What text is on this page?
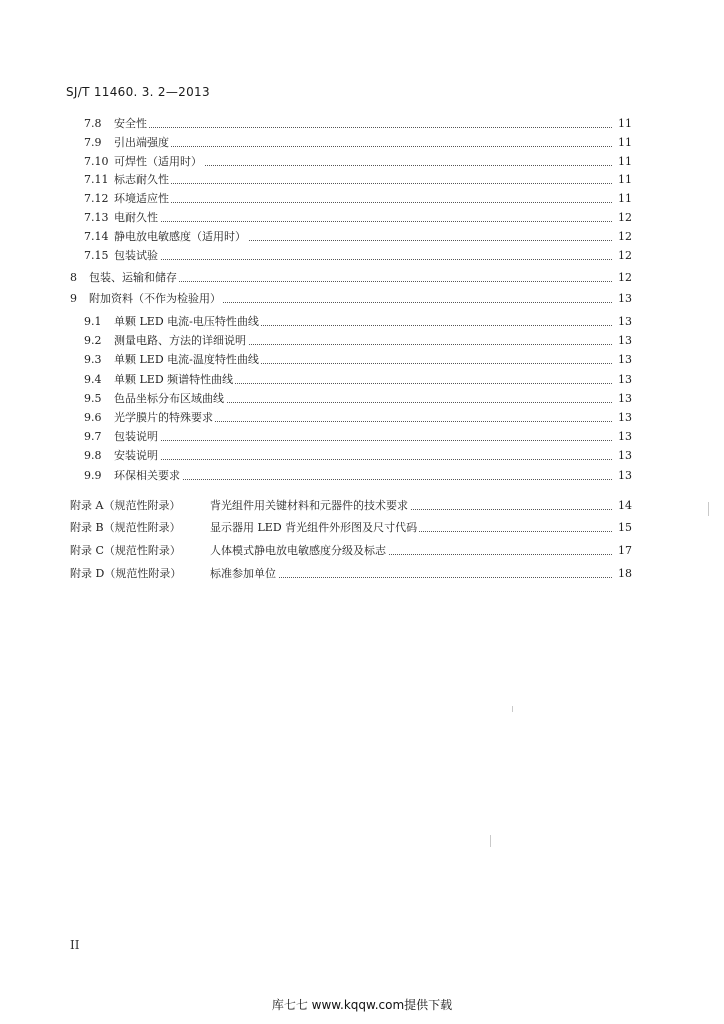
SJ/T 11460. 3. 2—2013
7.8 安全性	11
7.9 引出端强度	11
7.10 可焊性（适用时）	11
7.11 标志耐久性	11
7.12 环境适应性	11
7.13 电耐久性	12
7.14 静电放电敏感度（适用时）	12
7.15 包装试验	12
8 包装、运输和储存	12
9 附加资料（不作为检验用）	13
9.1 单颗 LED 电流-电压特性曲线	13
9.2 测量电路、方法的详细说明	13
9.3 单颗 LED 电流-温度特性曲线	13
9.4 单颗 LED 频谱特性曲线	13
9.5 色品坐标分布区域曲线	13
9.6 光学膜片的特殊要求	13
9.7 包装说明	13
9.8 安装说明	13
9.9 环保相关要求	13
附录 A（规范性附录）	背光组件用关键材料和元器件的技术要求	14
附录 B（规范性附录）	显示器用 LED 背光组件外形图及尺寸代码	15
附录 C（规范性附录）	人体模式静电放电敏感度分级及标志	17
附录 D（规范性附录）	标准参加单位	18
II
库七七 www.kqqw.com提供下载
